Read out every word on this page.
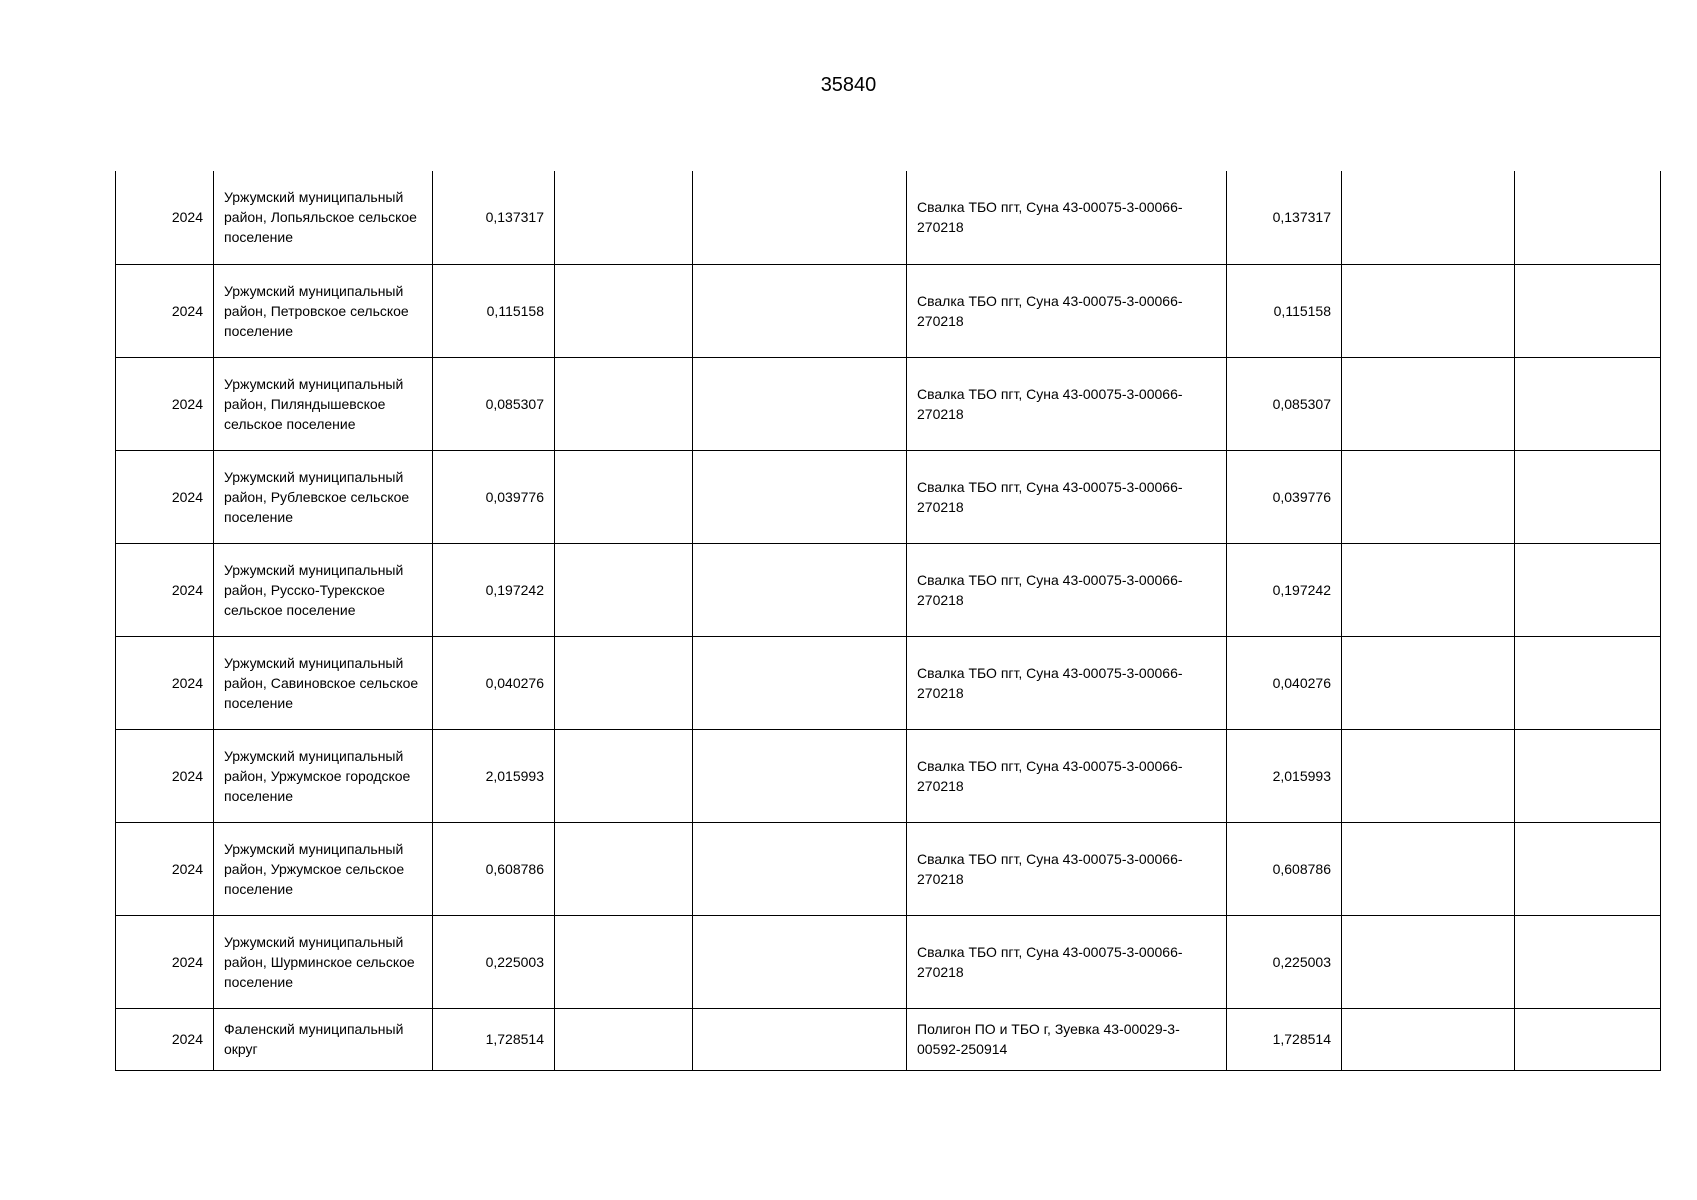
35840
2024	Уржумский муниципальный район, Лопьяльское сельское поселение	0,137317			Свалка ТБО пгт, Суна 43-00075-3-00066-270218	0,137317		
2024	Уржумский муниципальный район, Петровское сельское поселение	0,115158			Свалка ТБО пгт, Суна 43-00075-3-00066-270218	0,115158		
2024	Уржумский муниципальный район, Пиляндышевское сельское поселение	0,085307			Свалка ТБО пгт, Суна 43-00075-3-00066-270218	0,085307		
2024	Уржумский муниципальный район, Рублевское сельское поселение	0,039776			Свалка ТБО пгт, Суна 43-00075-3-00066-270218	0,039776		
2024	Уржумский муниципальный район, Русско-Турекское сельское поселение	0,197242			Свалка ТБО пгт, Суна 43-00075-3-00066-270218	0,197242		
2024	Уржумский муниципальный район, Савиновское сельское поселение	0,040276			Свалка ТБО пгт, Суна 43-00075-3-00066-270218	0,040276		
2024	Уржумский муниципальный район, Уржумское городское поселение	2,015993			Свалка ТБО пгт, Суна 43-00075-3-00066-270218	2,015993		
2024	Уржумский муниципальный район, Уржумское сельское поселение	0,608786			Свалка ТБО пгт, Суна 43-00075-3-00066-270218	0,608786		
2024	Уржумский муниципальный район, Шурминское сельское поселение	0,225003			Свалка ТБО пгт, Суна 43-00075-3-00066-270218	0,225003		
2024	Фаленский муниципальный округ	1,728514			Полигон ПО и ТБО г, Зуевка 43-00029-3-00592-250914	1,728514		
